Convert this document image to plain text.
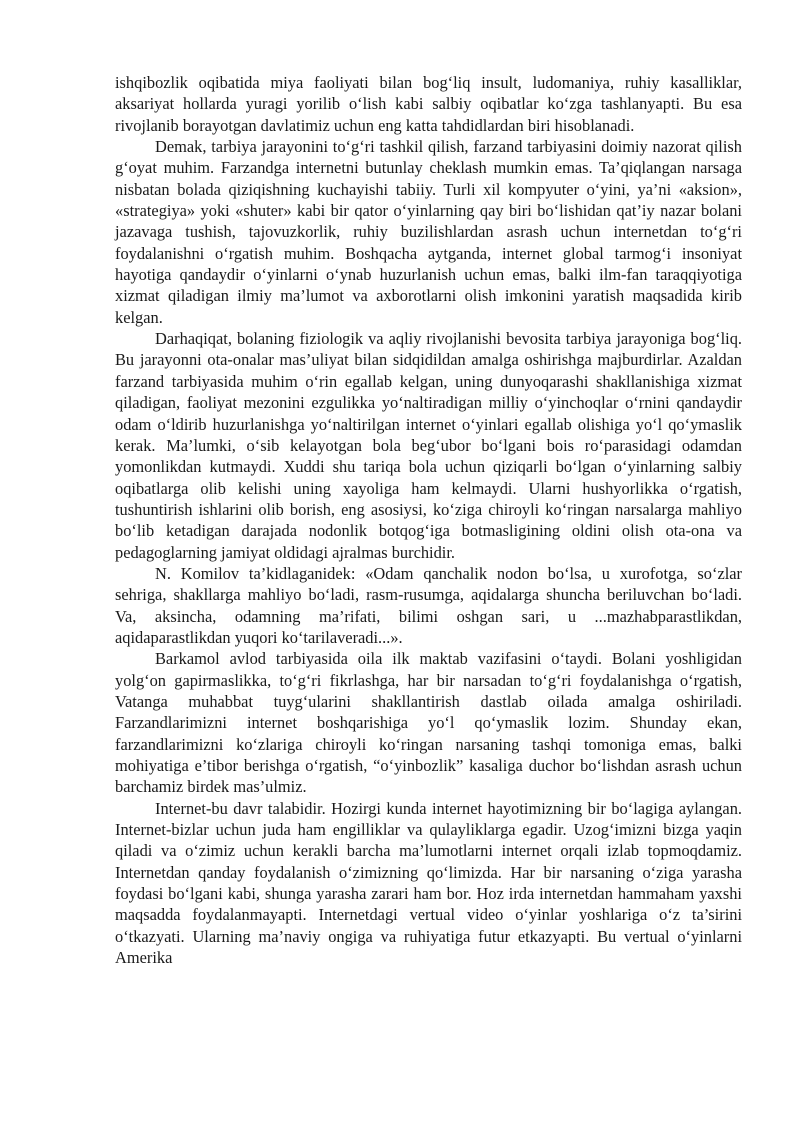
ishqibozlik oqibatida miya faoliyati bilan bog‘liq insult, ludomaniya, ruhiy kasalliklar, aksariyat hollarda yuragi yorilib o‘lish kabi salbiy oqibatlar ko‘zga tashlanyapti. Bu esa rivojlanib borayotgan davlatimiz uchun eng katta tahdidlardan biri hisoblanadi.

Demak, tarbiya jarayonini to‘g‘ri tashkil qilish, farzand tarbiyasini doimiy nazorat qilish g‘oyat muhim. Farzandga internetni butunlay cheklash mumkin emas. Ta’qiqlangan narsaga nisbatan bolada qiziqishning kuchayishi tabiiy. Turli xil kompyuter o‘yini, ya’ni «aksion», «strategiya» yoki «shuter» kabi bir qator o‘yinlarning qay biri bo‘lishidan qat’iy nazar bolani jazavaga tushish, tajovuzkorlik, ruhiy buzilishlardan asrash uchun internetdan to‘g‘ri foydalanishni o‘rgatish muhim. Boshqacha aytganda, internet global tarmog‘i insoniyat hayotiga qandaydir o‘yinlarni o‘ynab huzurlanish uchun emas, balki ilm-fan taraqqiyotiga xizmat qiladigan ilmiy ma’lumot va axborotlarni olish imkonini yaratish maqsadida kirib kelgan.

Darhaqiqat, bolaning fiziologik va aqliy rivojlanishi bevosita tarbiya jarayoniga bog‘liq. Bu jarayonni ota-onalar mas’uliyat bilan sidqidildan amalga oshirishga majburdirlar. Azaldan farzand tarbiyasida muhim o‘rin egallab kelgan, uning dunyoqarashi shakllanishiga xizmat qiladigan, faoliyat mezonini ezgulikka yo‘naltiradigan milliy o‘yinchoqlar o‘rnini qandaydir odam o‘ldirib huzurlanishga yo‘naltirilgan internet o‘yinlari egallab olishiga yo‘l qo‘ymaslik kerak. Ma’lumki, o‘sib kelayotgan bola beg‘ubor bo‘lgani bois ro‘parasidagi odamdan yomonlikdan kutmaydi. Xuddi shu tariqa bola uchun qiziqarli bo‘lgan o‘yinlarning salbiy oqibatlarga olib kelishi uning xayoliga ham kelmaydi. Ularni hushyorlikka o‘rgatish, tushuntirish ishlarini olib borish, eng asosiysi, ko‘ziga chiroyli ko‘ringan narsalarga mahliyo bo‘lib ketadigan darajada nodonlik botqog‘iga botmasligining oldini olish ota-ona va pedagoglarning jamiyat oldidagi ajralmas burchidir.

N. Komilov ta’kidlaganidek: «Odam qanchalik nodon bo‘lsa, u xurofotga, so‘zlar sehriga, shakllarga mahliyo bo‘ladi, rasm-rusumga, aqidalarga shuncha beriluvchan bo‘ladi. Va, aksincha, odamning ma’rifati, bilimi oshgan sari, u ...mazhabparastlikdan, aqidaparastlikdan yuqori ko‘tarilaveradi...».

Barkamol avlod tarbiyasida oila ilk maktab vazifasini o‘taydi. Bolani yoshligidan yolg‘on gapirmaslikka, to‘g‘ri fikrlashga, har bir narsadan to‘g‘ri foydalanishga o‘rgatish, Vatanga muhabbat tuyg‘ularini shakllantirish dastlab oilada amalga oshiriladi. Farzandlarimizni internet boshqarishiga yo‘l qo‘ymaslik lozim. Shunday ekan, farzandlarimizni ko‘zlariga chiroyli ko‘ringan narsaning tashqi tomoniga emas, balki mohiyatiga e’tibor berishga o‘rgatish, “o‘yinbozlik” kasaliga duchor bo‘lishdan asrash uchun barchamiz birdek mas’ulmiz.

Internet-bu davr talabidir. Hozirgi kunda internet hayotimizning bir bo‘lagiga aylangan. Internet-bizlar uchun juda ham engilliklar va qulayliklarga egadir. Uzog‘imizni bizga yaqin qiladi va o‘zimiz uchun kerakli barcha ma’lumotlarni internet orqali izlab topmoqdamiz. Internetdan qanday foydalanish o‘zimizning qo‘limizda. Har bir narsaning o‘ziga yarasha foydasi bo‘lgani kabi, shunga yarasha zarari ham bor. Hoz irda internetdan hammaham yaxshi maqsadda foydalanmayapti. Internetdagi vertual video o‘yinlar yoshlariga o‘z ta’sirini o‘tkazyati. Ularning ma’naviy ongiga va ruhiyatiga futur etkazyapti. Bu vertual o‘yinlarni Amerika
